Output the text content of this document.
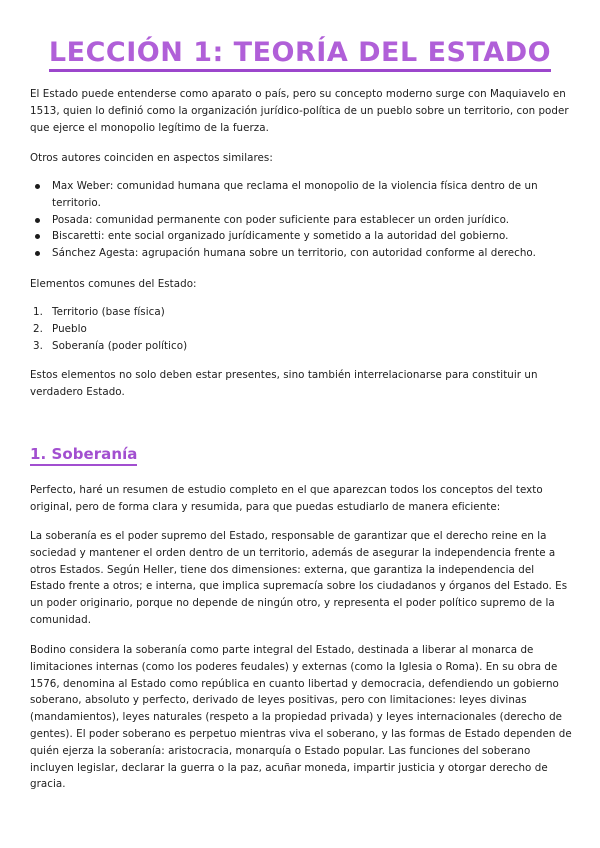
LECCIÓN 1: TEORÍA DEL ESTADO

El Estado puede entenderse como aparato o país, pero su concepto moderno surge con Maquiavelo en 1513, quien lo definió como la organización jurídico-política de un pueblo sobre un territorio, con poder que ejerce el monopolio legítimo de la fuerza.

Otros autores coinciden en aspectos similares:

Max Weber: comunidad humana que reclama el monopolio de la violencia física dentro de un territorio.
Posada: comunidad permanente con poder suficiente para establecer un orden jurídico.
Biscaretti: ente social organizado jurídicamente y sometido a la autoridad del gobierno.
Sánchez Agesta: agrupación humana sobre un territorio, con autoridad conforme al derecho.

Elementos comunes del Estado:

1. Territorio (base física)
2. Pueblo
3. Soberanía (poder político)

Estos elementos no solo deben estar presentes, sino también interrelacionarse para constituir un verdadero Estado.

1. Soberanía

Perfecto, haré un resumen de estudio completo en el que aparezcan todos los conceptos del texto original, pero de forma clara y resumida, para que puedas estudiarlo de manera eficiente:

La soberanía es el poder supremo del Estado, responsable de garantizar que el derecho reine en la sociedad y mantener el orden dentro de un territorio, además de asegurar la independencia frente a otros Estados. Según Heller, tiene dos dimensiones: externa, que garantiza la independencia del Estado frente a otros; e interna, que implica supremacía sobre los ciudadanos y órganos del Estado. Es un poder originario, porque no depende de ningún otro, y representa el poder político supremo de la comunidad.

Bodino considera la soberanía como parte integral del Estado, destinada a liberar al monarca de limitaciones internas (como los poderes feudales) y externas (como la Iglesia o Roma). En su obra de 1576, denomina al Estado como república en cuanto libertad y democracia, defendiendo un gobierno soberano, absoluto y perfecto, derivado de leyes positivas, pero con limitaciones: leyes divinas (mandamientos), leyes naturales (respeto a la propiedad privada) y leyes internacionales (derecho de gentes). El poder soberano es perpetuo mientras viva el soberano, y las formas de Estado dependen de quién ejerza la soberanía: aristocracia, monarquía o Estado popular. Las funciones del soberano incluyen legislar, declarar la guerra o la paz, acuñar moneda, impartir justicia y otorgar derecho de gracia.
